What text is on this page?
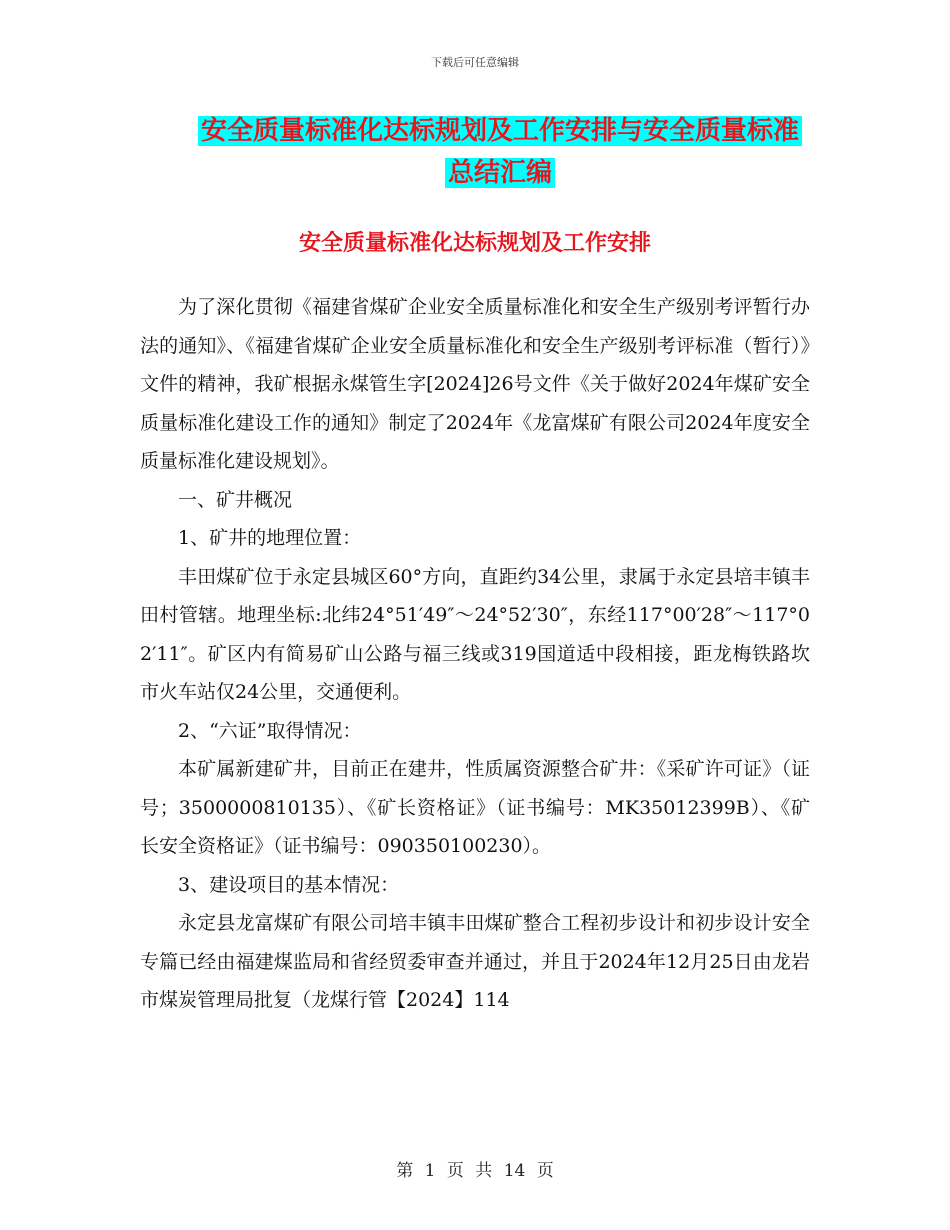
下载后可任意编辑
安全质量标准化达标规划及工作安排与安全质量标准
总结汇编
安全质量标准化达标规划及工作安排

为了深化贯彻《福建省煤矿企业安全质量标准化和安全生产级别考评暂行办法的通知》、《福建省煤矿企业安全质量标准化和安全生产级别考评标准（暂行）》文件的精神，我矿根据永煤管生字[2024]26号文件《关于做好2024年煤矿安全质量标准化建设工作的通知》制定了2024年《龙富煤矿有限公司2024年度安全质量标准化建设规划》。

一、矿井概况

1、矿井的地理位置：

丰田煤矿位于永定县城区60°方向，直距约34公里，隶属于永定县培丰镇丰田村管辖。地理坐标:北纬24°51′49″～24°52′30″，东经117°00′28″～117°02′11″。矿区内有简易矿山公路与福三线或319国道适中段相接，距龙梅铁路坎市火车站仅24公里，交通便利。

2、“六证”取得情况：

本矿属新建矿井，目前正在建井，性质属资源整合矿井：《采矿许可证》（证号；3500000810135）、《矿长资格证》（证书编号：MK35012399B）、《矿长安全资格证》（证书编号：090350100230）。

3、建设项目的基本情况：

永定县龙富煤矿有限公司培丰镇丰田煤矿整合工程初步设计和初步设计安全专篇已经由福建煤监局和省经贸委审查并通过，并且于2024年12月25日由龙岩市煤炭管理局批复（龙煤行管【2024】114

第 1 页 共 14 页
